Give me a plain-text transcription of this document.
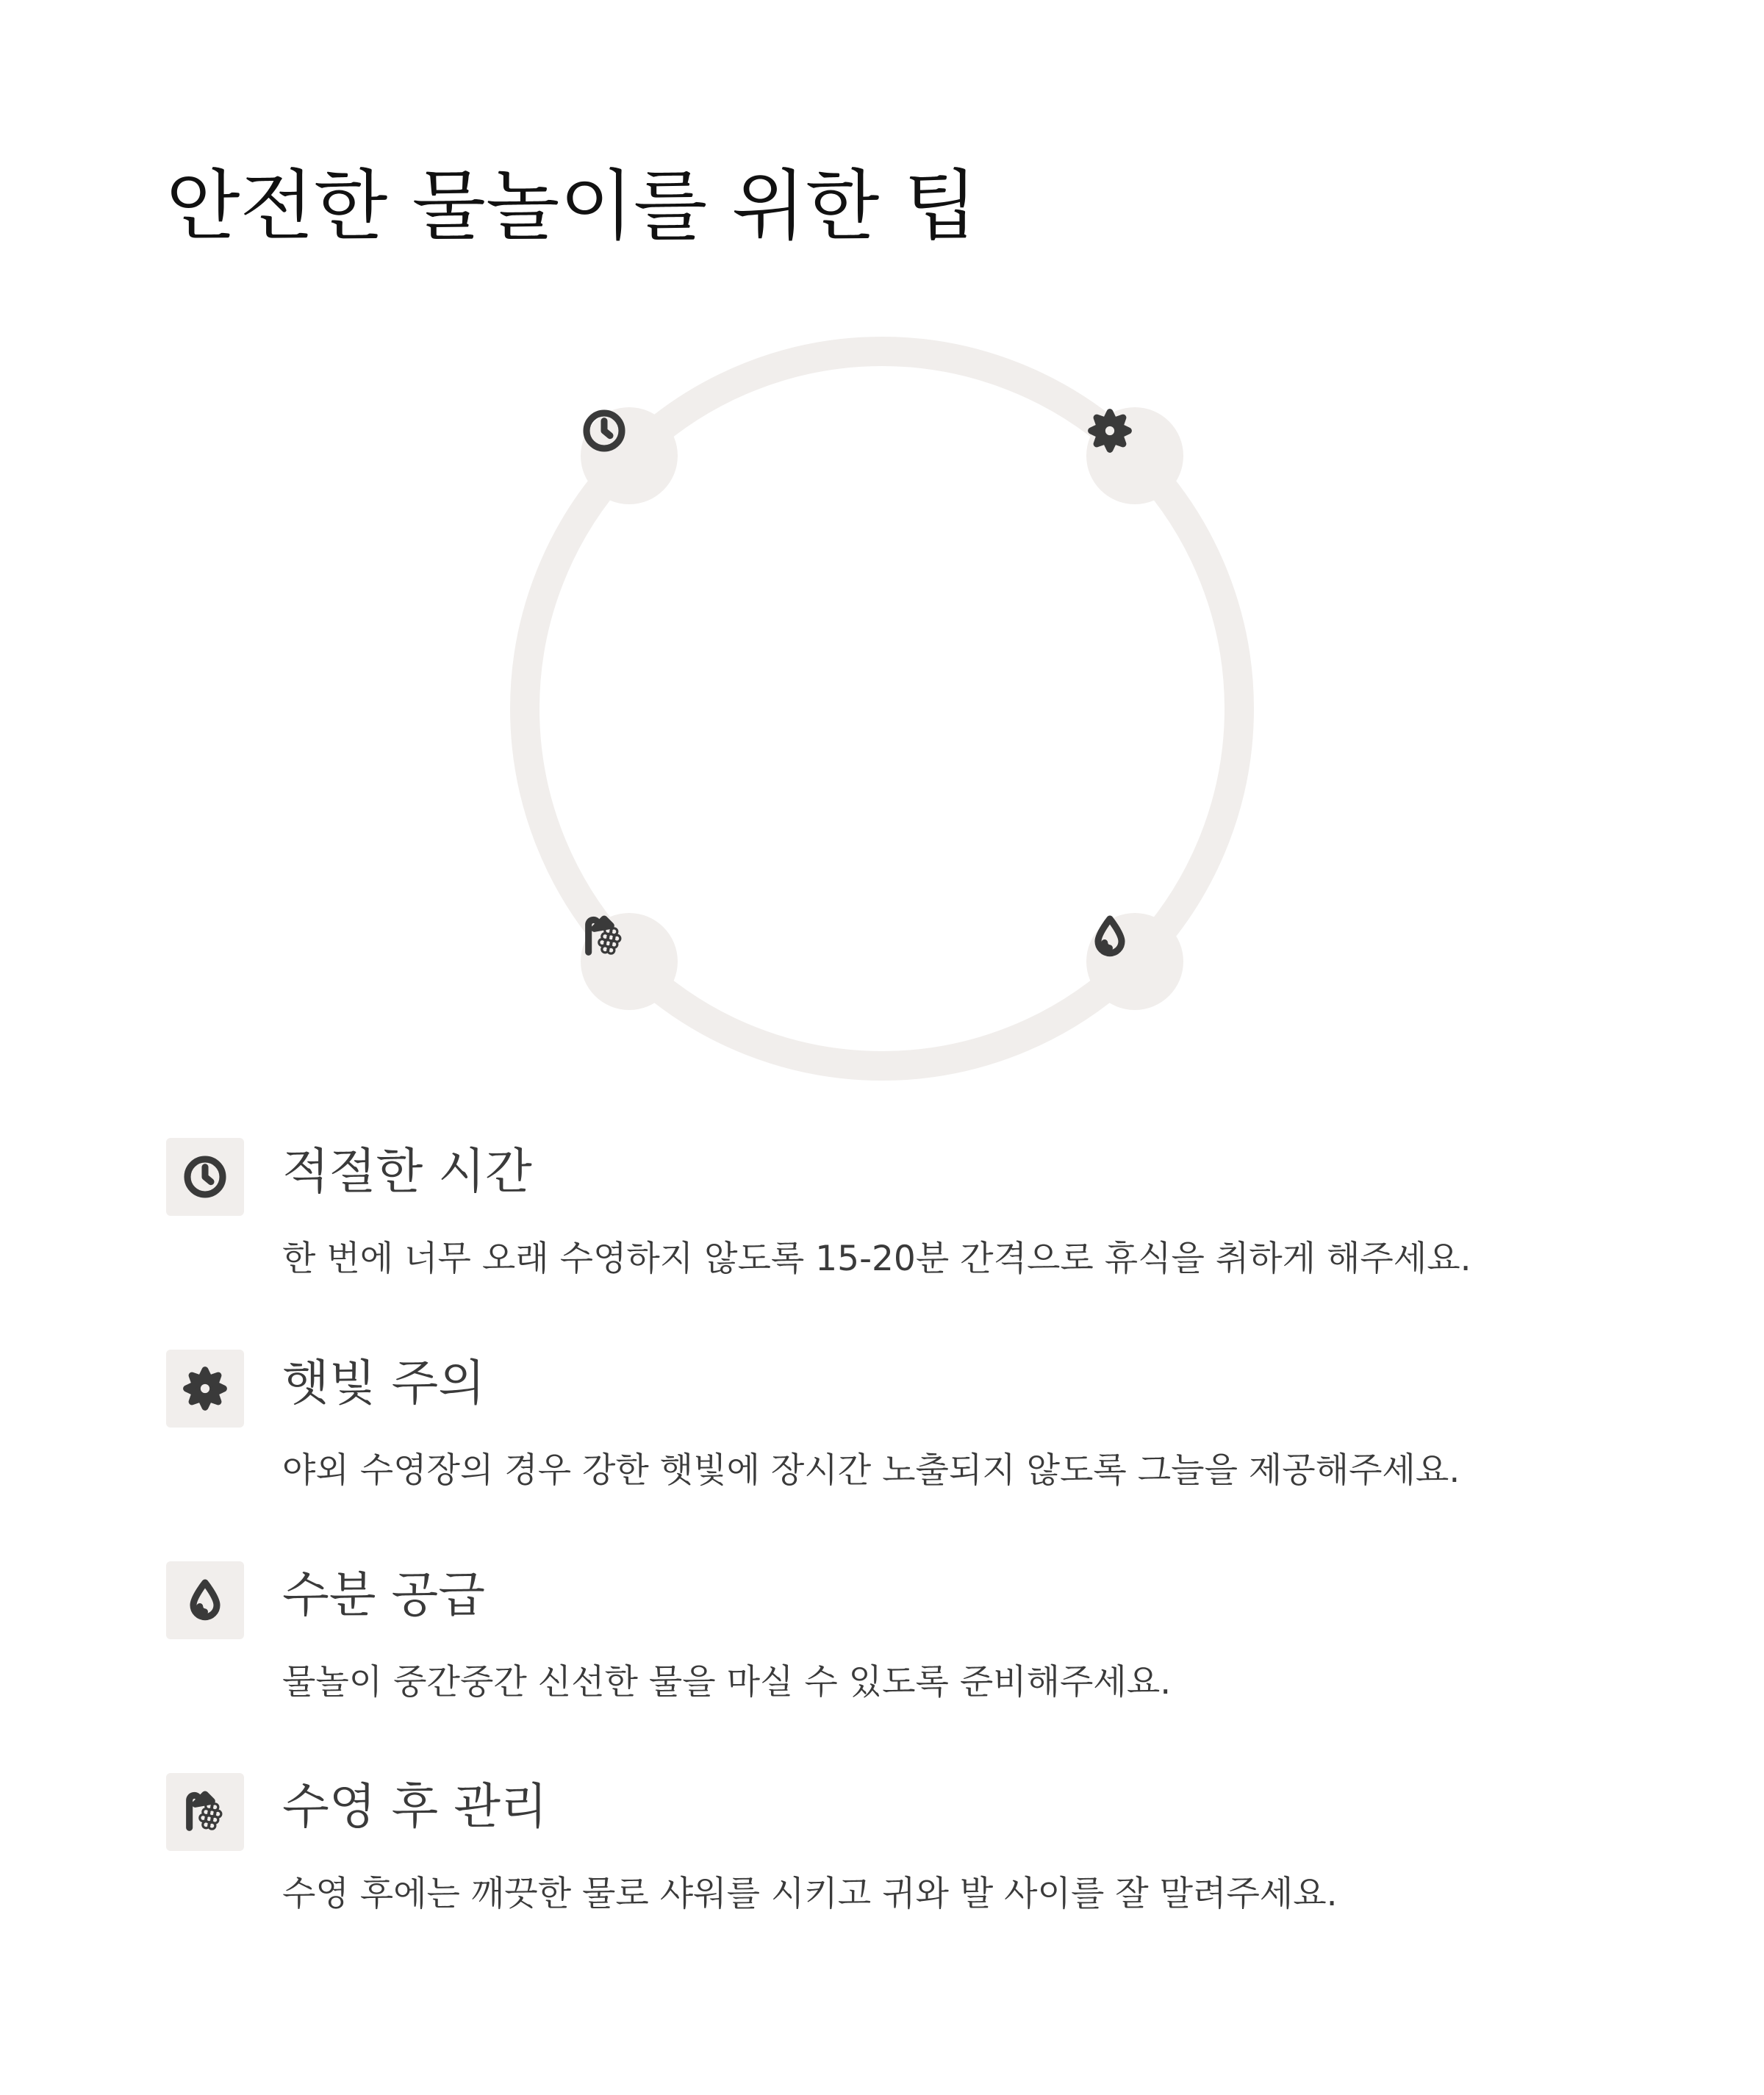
안전한 물놀이를 위한 팁
적절한 시간

한 번에 너무 오래 수영하지 않도록 15-20분 간격으로 휴식을 취하게 해주세요.

햇빛 주의

야외 수영장의 경우 강한 햇빛에 장시간 노출되지 않도록 그늘을 제공해주세요.

수분 공급

물놀이 중간중간 신선한 물을 마실 수 있도록 준비해주세요.

수영 후 관리

수영 후에는 깨끗한 물로 샤워를 시키고 귀와 발 사이를 잘 말려주세요.
